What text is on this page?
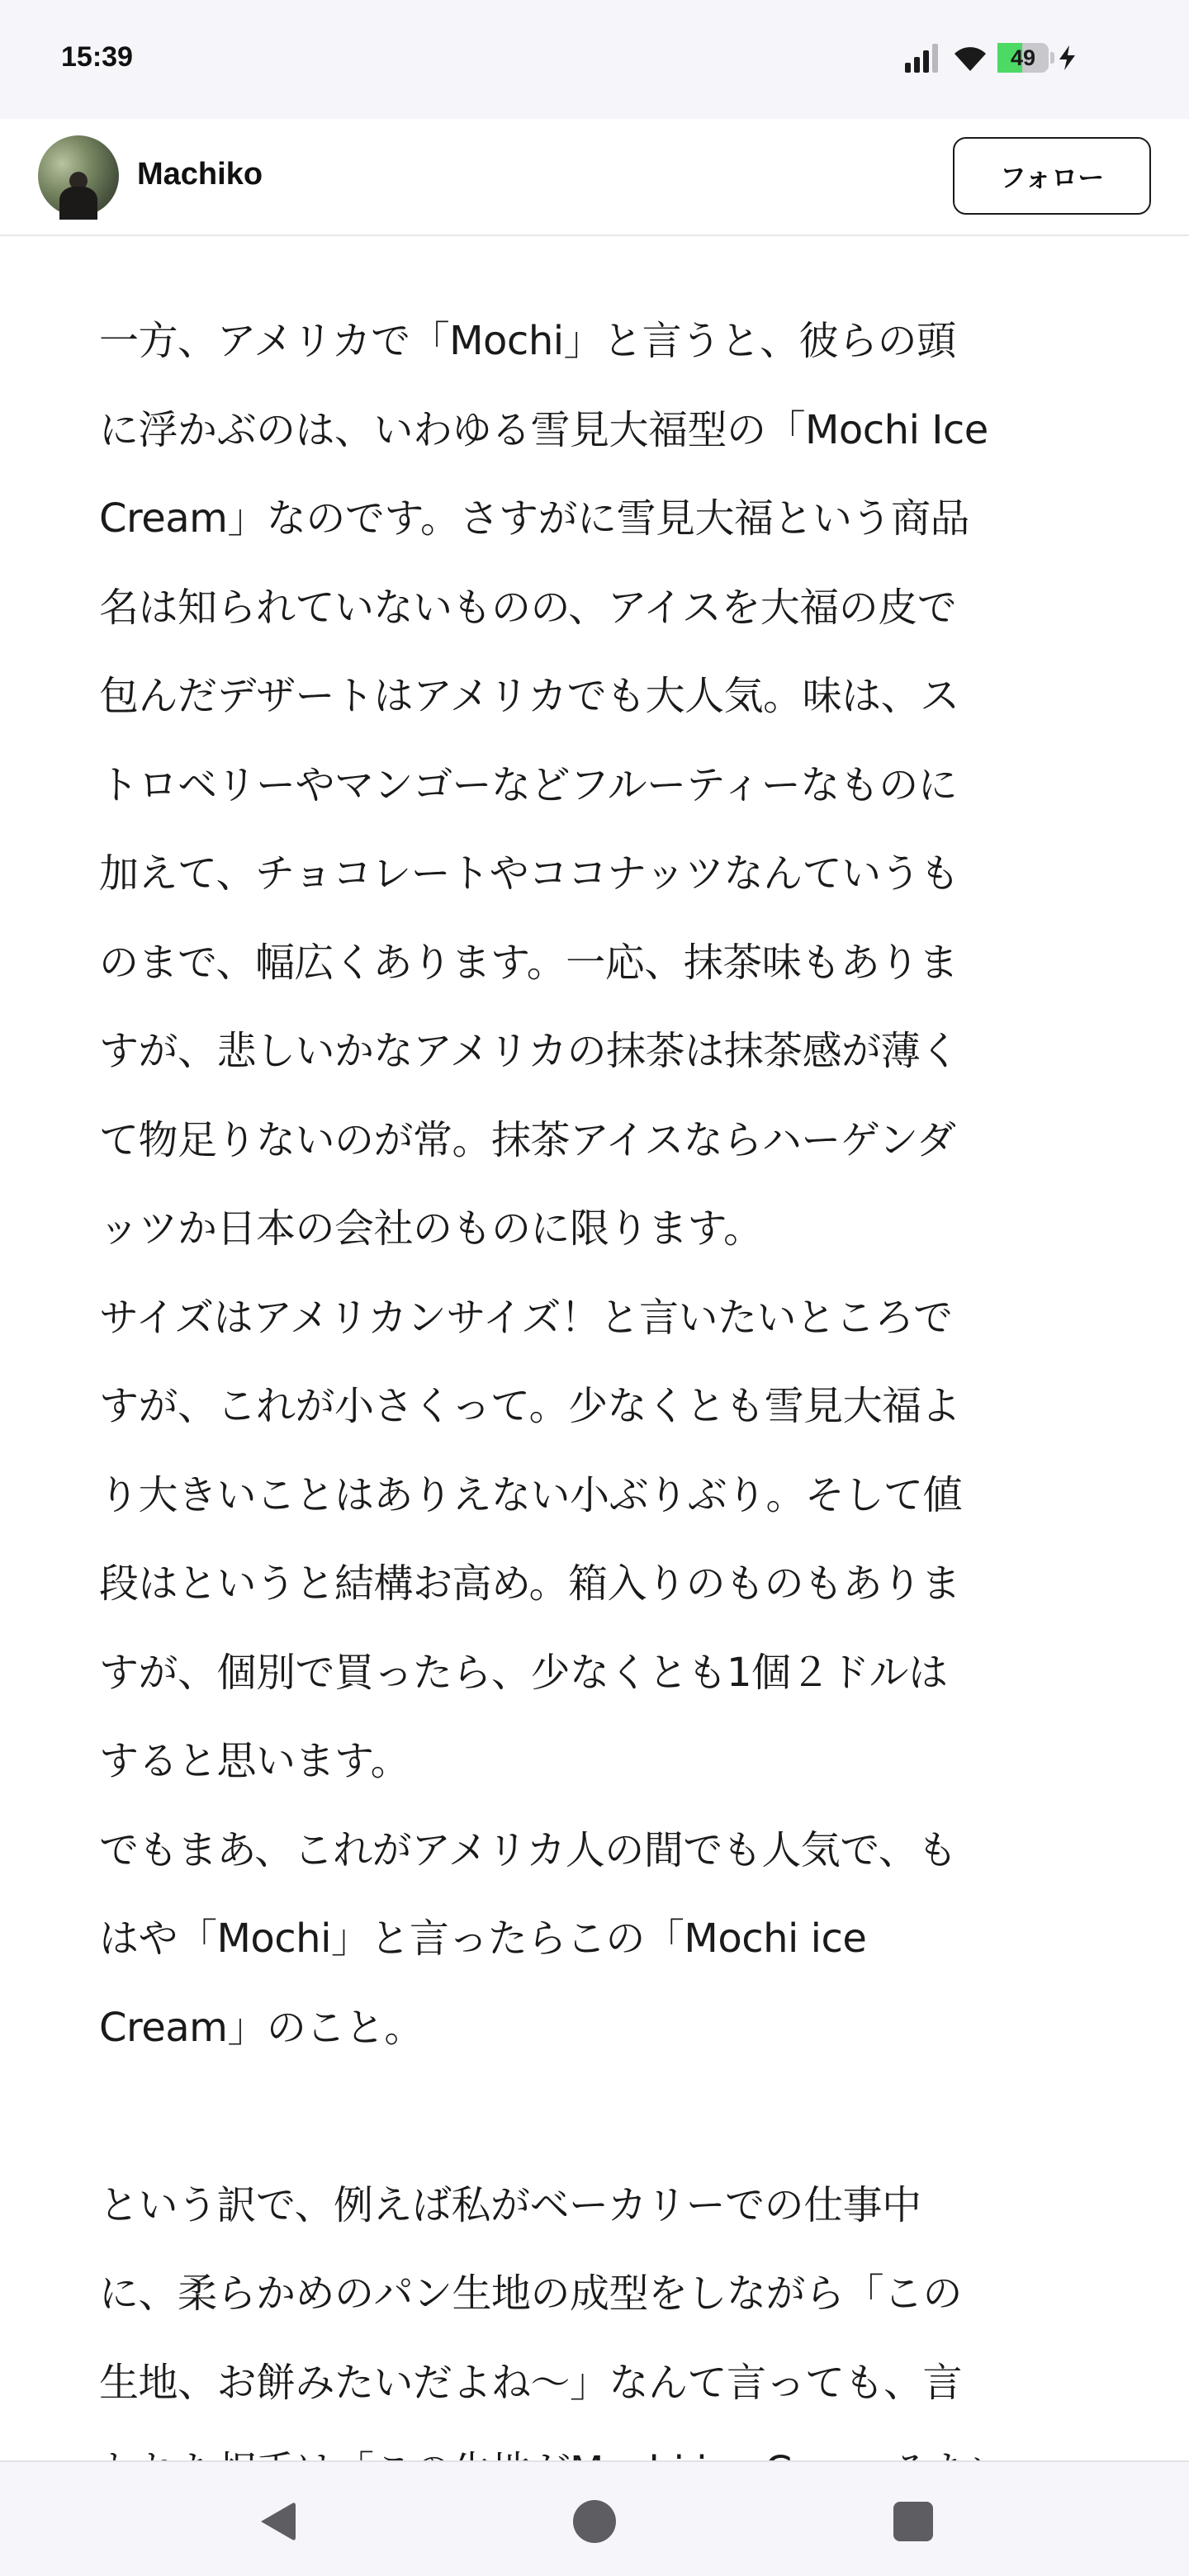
15:39	49
Machiko	フォロー

一方、アメリカで「Mochi」と言うと、彼らの頭
に浮かぶのは、いわゆる雪見大福型の「Mochi Ice
Cream」なのです。さすがに雪見大福という商品
名は知られていないものの、アイスを大福の皮で
包んだデザートはアメリカでも大人気。味は、ス
トロベリーやマンゴーなどフルーティーなものに
加えて、チョコレートやココナッツなんていうも
のまで、幅広くあります。一応、抹茶味もありま
すが、悲しいかなアメリカの抹茶は抹茶感が薄く
て物足りないのが常。抹茶アイスならハーゲンダ
ッツか日本の会社のものに限ります。

サイズはアメリカンサイズ！と言いたいところで
すが、これが小さくって。少なくとも雪見大福よ
り大きいことはありえない小ぶりぶり。そして値
段はというと結構お高め。箱入りのものもありま
すが、個別で買ったら、少なくとも1個２ドルは
すると思います。

でもまあ、これがアメリカ人の間でも人気で、も
はや「Mochi」と言ったらこの「Mochi ice
Cream」のこと。

という訳で、例えば私がベーカリーでの仕事中
に、柔らかめのパン生地の成型をしながら「この
生地、お餅みたいだよね〜」なんて言っても、言
